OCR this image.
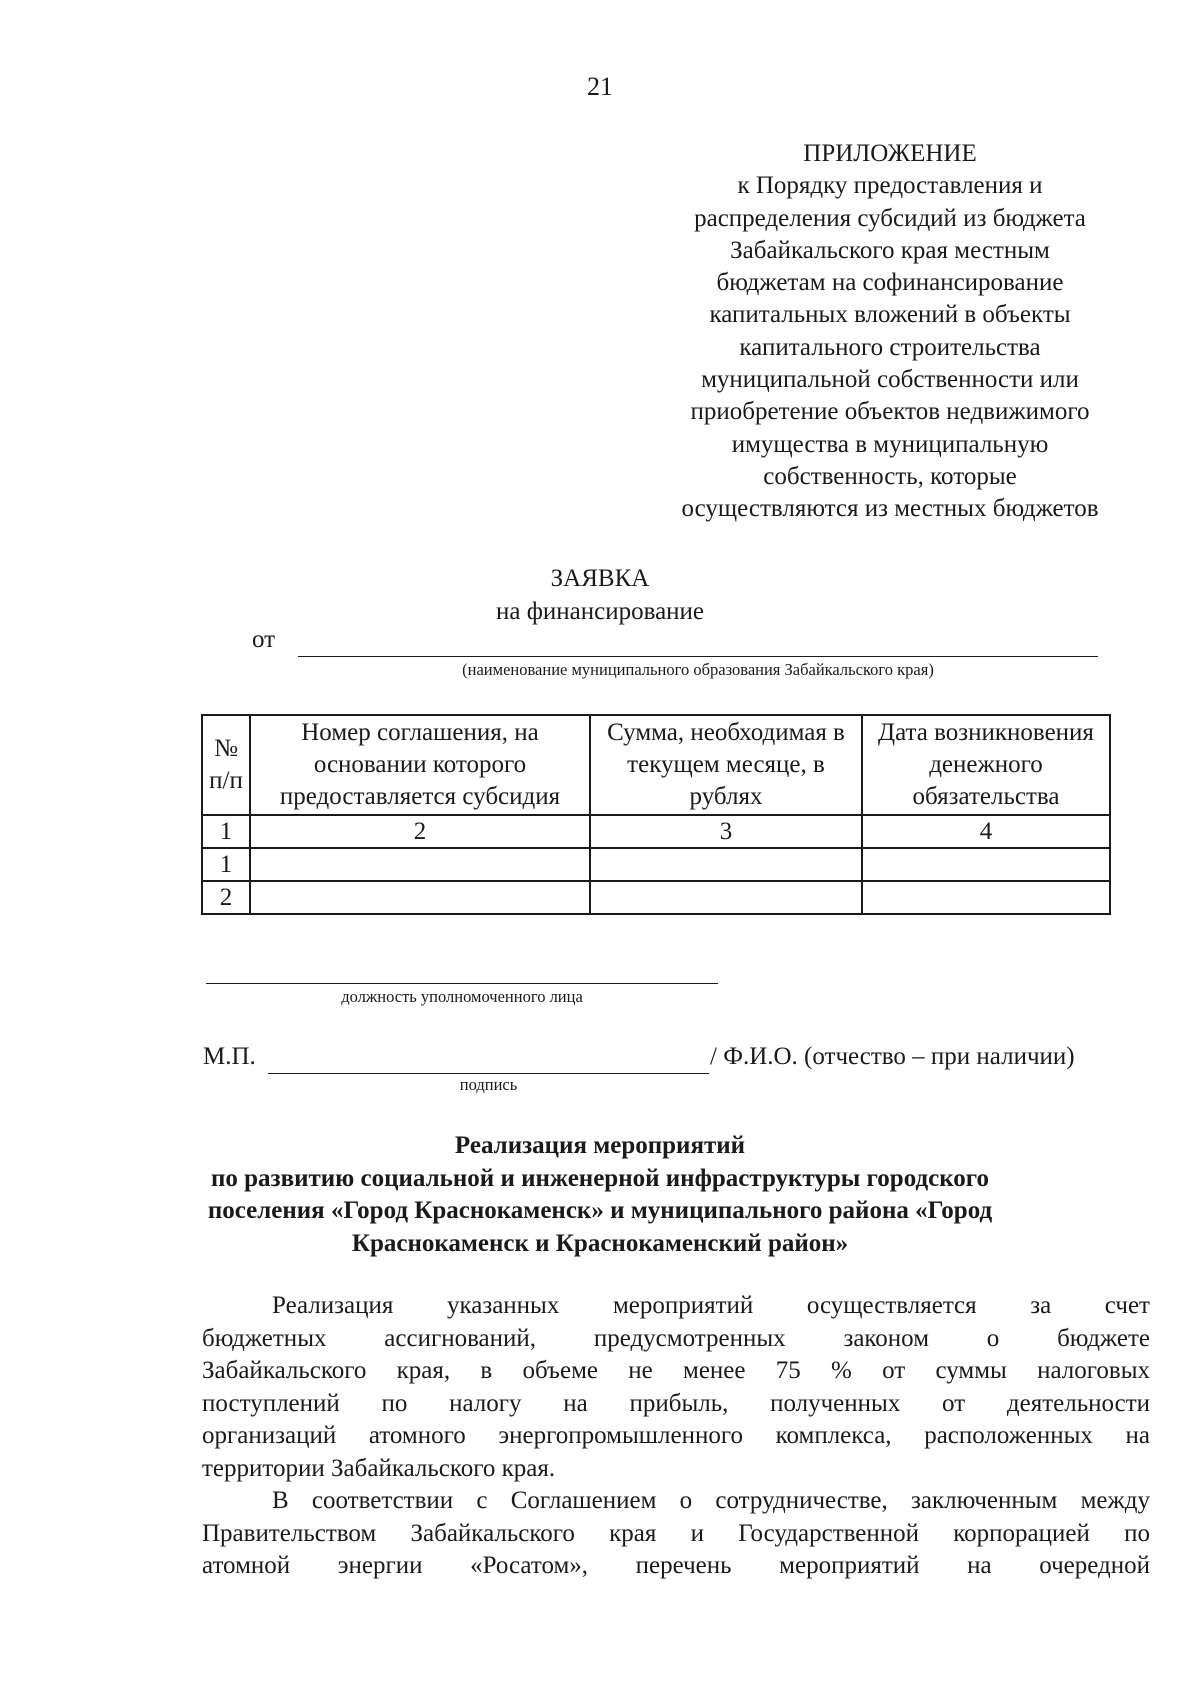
21
ПРИЛОЖЕНИЕ
к Порядку предоставления и
распределения субсидий из бюджета
Забайкальского края местным
бюджетам на софинансирование
капитальных вложений в объекты
капитального строительства
муниципальной собственности или
приобретение объектов недвижимого
имущества в муниципальную
собственность, которые
осуществляются из местных бюджетов
ЗАЯВКА
на финансирование
от
(наименование муниципального образования Забайкальского края)
№ п/п	Номер соглашения, на основании которого предоставляется субсидия	Сумма, необходимая в текущем месяце, в рублях	Дата возникновения денежного обязательства
1	2	3	4
1			
2			
должность уполномоченного лица
М.П.
подпись
/ Ф.И.О. (отчество – при наличии)
Реализация мероприятий
по развитию социальной и инженерной инфраструктуры городского
поселения «Город Краснокаменск» и муниципального района «Город
Краснокаменск и Краснокаменский район»
Реализация указанных мероприятий осуществляется за счет
бюджетных ассигнований, предусмотренных законом о бюджете
Забайкальского края, в объеме не менее 75 % от суммы налоговых
поступлений по налогу на прибыль, полученных от деятельности
организаций атомного энергопромышленного комплекса, расположенных на
территории Забайкальского края.
В соответствии с Соглашением о сотрудничестве, заключенным между
Правительством Забайкальского края и Государственной корпорацией по
атомной энергии «Росатом», перечень мероприятий на очередной
